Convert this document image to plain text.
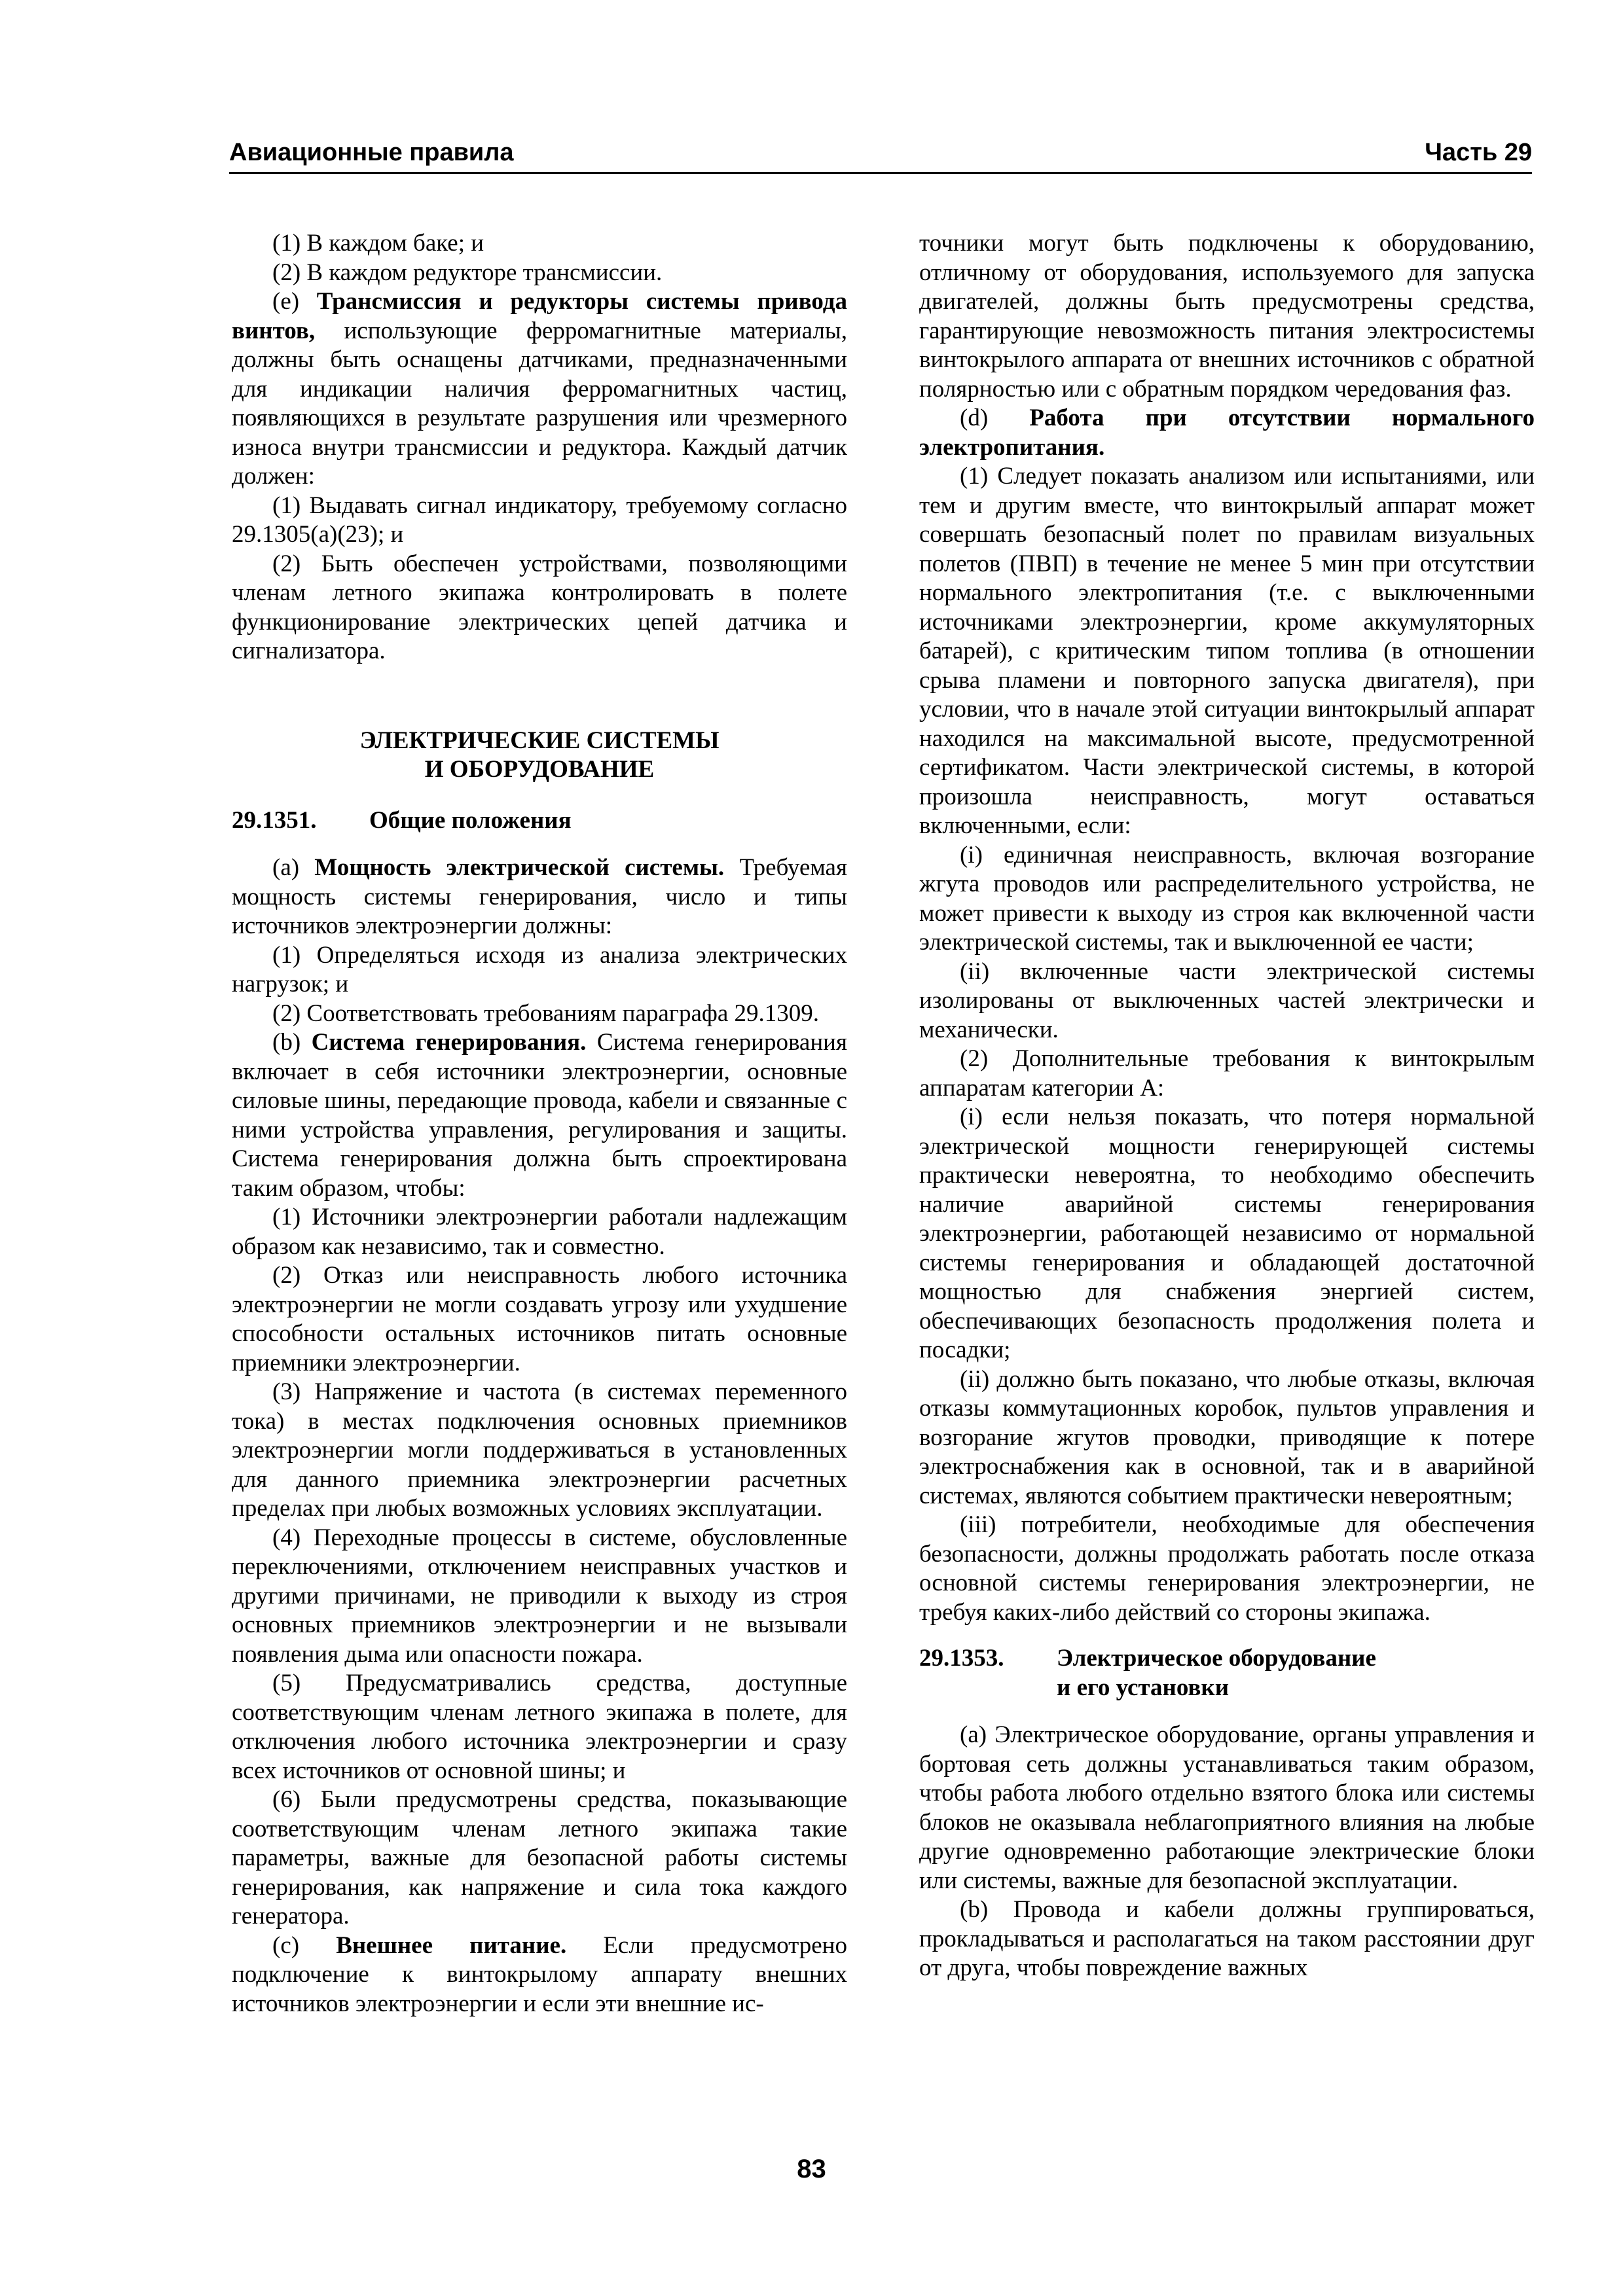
Авиационные правила	Часть 29

(1) В каждом баке; и

(2) В каждом редукторе трансмиссии.

(e) Трансмиссия и редукторы системы привода винтов, использующие ферромагнитные материалы, должны быть оснащены датчиками, предназначенными для индикации наличия ферромагнитных частиц, появляющихся в результате разрушения или чрезмерного износа внутри трансмиссии и редуктора. Каждый датчик должен:

(1) Выдавать сигнал индикатору, требуемому согласно 29.1305(a)(23); и

(2) Быть обеспечен устройствами, позволяющими членам летного экипажа контролировать в полете функционирование электрических цепей датчика и сигнализатора.

ЭЛЕКТРИЧЕСКИЕ СИСТЕМЫ
И ОБОРУДОВАНИЕ
29.1351.	Общие положения

(a) Мощность электрической системы. Требуемая мощность системы генерирования, число и типы источников электроэнергии должны:

(1) Определяться исходя из анализа электрических нагрузок; и

(2) Соответствовать требованиям параграфа 29.1309.

(b) Система генерирования. Система генерирования включает в себя источники электроэнергии, основные силовые шины, передающие провода, кабели и связанные с ними устройства управления, регулирования и защиты. Система генерирования должна быть спроектирована таким образом, чтобы:

(1) Источники электроэнергии работали надлежащим образом как независимо, так и совместно.

(2) Отказ или неисправность любого источника электроэнергии не могли создавать угрозу или ухудшение способности остальных источников питать основные приемники электроэнергии.

(3) Напряжение и частота (в системах переменного тока) в местах подключения основных приемников электроэнергии могли поддерживаться в установленных для данного приемника электроэнергии расчетных пределах при любых возможных условиях эксплуатации.

(4) Переходные процессы в системе, обусловленные переключениями, отключением неисправных участков и другими причинами, не приводили к выходу из строя основных приемников электроэнергии и не вызывали появления дыма или опасности пожара.

(5) Предусматривались средства, доступные соответствующим членам летного экипажа в полете, для отключения любого источника электроэнергии и сразу всех источников от основной шины; и

(6) Были предусмотрены средства, показывающие соответствующим членам летного экипажа такие параметры, важные для безопасной работы системы генерирования, как напряжение и сила тока каждого генератора.

(c) Внешнее питание. Если предусмотрено подключение к винтокрылому аппарату внешних источников электроэнергии и если эти внешние ис-

точники могут быть подключены к оборудованию, отличному от оборудования, используемого для запуска двигателей, должны быть предусмотрены средства, гарантирующие невозможность питания электросистемы винтокрылого аппарата от внешних источников с обратной полярностью или с обратным порядком чередования фаз.

(d) Работа при отсутствии нормального электропитания.

(1) Следует показать анализом или испытаниями, или тем и другим вместе, что винтокрылый аппарат может совершать безопасный полет по правилам визуальных полетов (ПВП) в течение не менее 5 мин при отсутствии нормального электропитания (т.е. с выключенными источниками электроэнергии, кроме аккумуляторных батарей), с критическим типом топлива (в отношении срыва пламени и повторного запуска двигателя), при условии, что в начале этой ситуации винтокрылый аппарат находился на максимальной высоте, предусмотренной сертификатом. Части электрической системы, в которой произошла неисправность, могут оставаться включенными, если:

(i) единичная неисправность, включая возгорание жгута проводов или распределительного устройства, не может привести к выходу из строя как включенной части электрической системы, так и выключенной ее части;

(ii) включенные части электрической системы изолированы от выключенных частей электрически и механически.

(2) Дополнительные требования к винтокрылым аппаратам категории А:

(i) если нельзя показать, что потеря нормальной электрической мощности генерирующей системы практически невероятна, то необходимо обеспечить наличие аварийной системы генерирования электроэнергии, работающей независимо от нормальной системы генерирования и обладающей достаточной мощностью для снабжения энергией систем, обеспечивающих безопасность продолжения полета и посадки;

(ii) должно быть показано, что любые отказы, включая отказы коммутационных коробок, пультов управления и возгорание жгутов проводки, приводящие к потере электроснабжения как в основной, так и в аварийной системах, являются событием практически невероятным;

(iii) потребители, необходимые для обеспечения безопасности, должны продолжать работать после отказа основной системы генерирования электроэнергии, не требуя каких-либо действий со стороны экипажа.

29.1353.	Электрическое оборудование
и его установки

(a) Электрическое оборудование, органы управления и бортовая сеть должны устанавливаться таким образом, чтобы работа любого отдельно взятого блока или системы блоков не оказывала неблагоприятного влияния на любые другие одновременно работающие электрические блоки или системы, важные для безопасной эксплуатации.

(b) Провода и кабели должны группироваться, прокладываться и располагаться на таком расстоянии друг от друга, чтобы повреждение важных

83
